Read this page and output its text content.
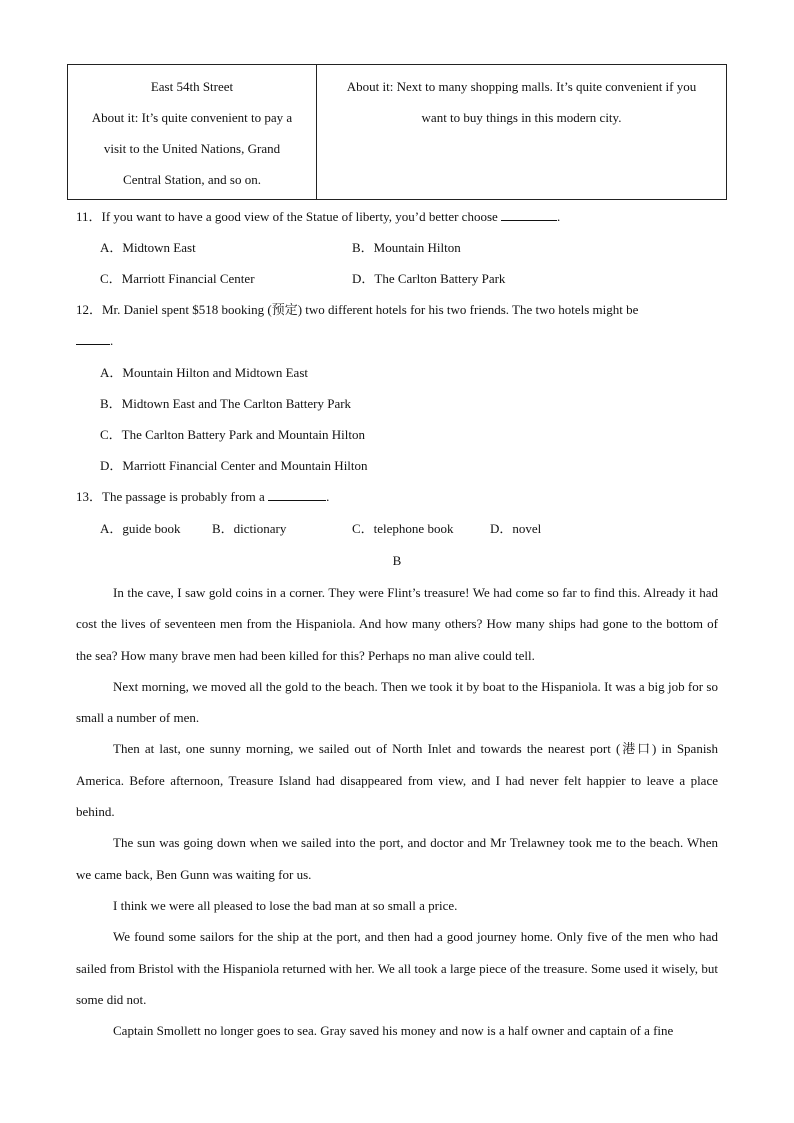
East 54th Street
About it: It’s quite convenient to pay a
visit to the United Nations, Grand
Central Station, and so on.
About it: Next to many shopping malls. It’s quite convenient if you
want to buy things in this modern city.
11．If you want to have a good view of the Statue of liberty, you’d better choose	.
A．Midtown East	B．Mountain Hilton
C．Marriott Financial Center	D．The Carlton Battery Park
12．Mr. Daniel spent $518 booking (预定) two different hotels for his two friends. The two hotels might be
.
A．Mountain Hilton and Midtown East
B．Midtown East and The Carlton Battery Park
C．The Carlton Battery Park and Mountain Hilton
D．Marriott Financial Center and Mountain Hilton
13．The passage is probably from a	.
A．guide book B．dictionary	C．telephone book	D．novel
B

In the cave, I saw gold coins in a corner. They were Flint’s treasure! We had come so far to find this. Already it had cost the lives of seventeen men from the Hispaniola. And how many others? How many ships had gone to the bottom of the sea? How many brave men had been killed for this? Perhaps no man alive could tell.

Next morning, we moved all the gold to the beach. Then we took it by boat to the Hispaniola. It was a big job for so small a number of men.

Then at last, one sunny morning, we sailed out of North Inlet and towards the nearest port (港口) in Spanish America. Before afternoon, Treasure Island had disappeared from view, and I had never felt happier to leave a place behind.

The sun was going down when we sailed into the port, and doctor and Mr Trelawney took me to the beach. When we came back, Ben Gunn was waiting for us.

I think we were all pleased to lose the bad man at so small a price.

We found some sailors for the ship at the port, and then had a good journey home. Only five of the men who had sailed from Bristol with the Hispaniola returned with her. We all took a large piece of the treasure. Some used it wisely, but some did not.

Captain Smollett no longer goes to sea. Gray saved his money and now is a half owner and captain of a fine
